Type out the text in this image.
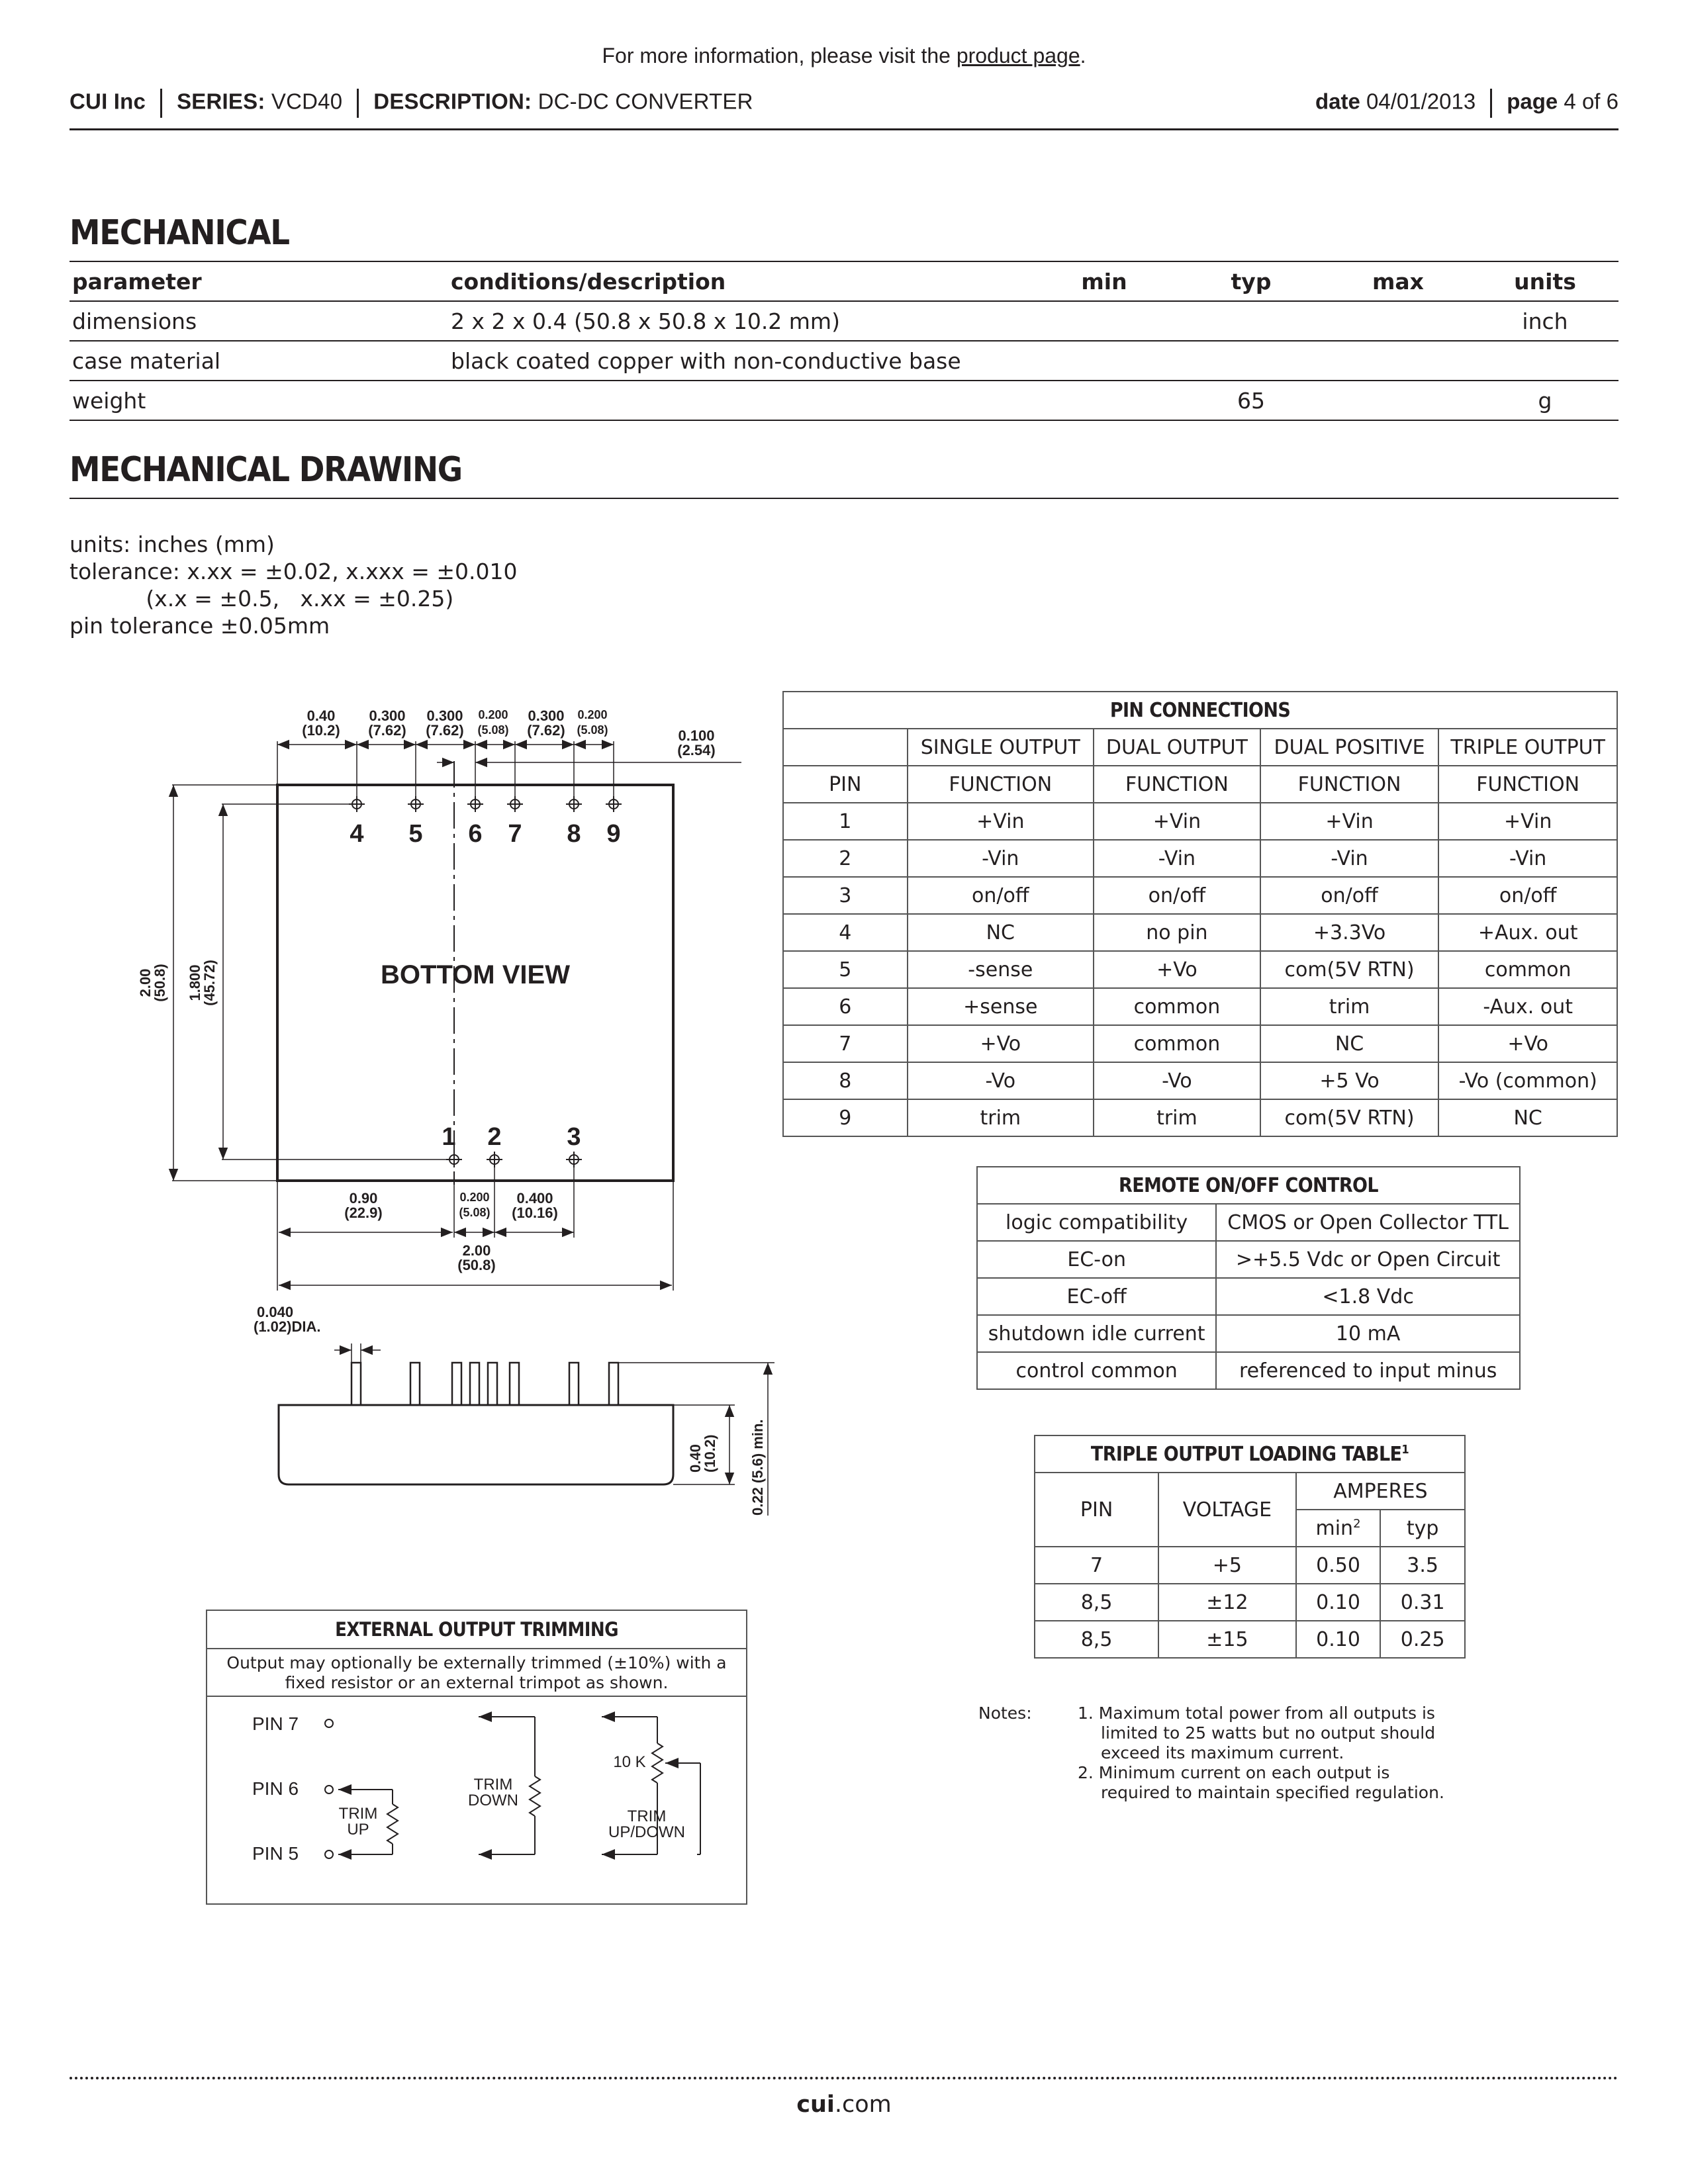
For more information, please visit the product page.
CUI Inc SERIES: VCD40 DESCRIPTION: DC-DC CONVERTER	date 04/01/2013 page 4 of 6
MECHANICAL
parameter	conditions/description	min	typ	max	units
dimensions	2 x 2 x 0.4 (50.8 x 50.8 x 10.2 mm)				inch
case material	black coated copper with non-conductive base				
weight			65		g
MECHANICAL DRAWING
units: inches (mm)
tolerance: x.xx = ±0.02, x.xxx = ±0.010
(x.x = ±0.5,   x.xx = ±0.25)
pin tolerance ±0.05mm
0.40
(10.2)
0.300
(7.62)
0.300
(7.62)
0.200
(5.08)
0.300
(7.62)
0.200
(5.08)	0.100
(2.54)
4 5 6 7 8 9
1 2	3
BOTTOM VIEW
0.90
(22.9)
0.200
(5.08)
0.400
(10.16)
2.00
(50.8)
2.00
(50.8) 1.800
(45.72)
0.040
(1.02)DIA.
0.40
(10.2) 0.22 (5.6) min.
PIN CONNECTIONS				
	SINGLE OUTPUT	DUAL OUTPUT	DUAL POSITIVE	TRIPLE OUTPUT
PIN	FUNCTION	FUNCTION	FUNCTION	FUNCTION
1	+Vin	+Vin	+Vin	+Vin
2	-Vin	-Vin	-Vin	-Vin
3	on/off	on/off	on/off	on/off
4	NC	no pin	+3.3Vo	+Aux. out
5	-sense	+Vo	com(5V RTN)	common
6	+sense	common	trim	-Aux. out
7	+Vo	common	NC	+Vo
8	-Vo	-Vo	+5 Vo	-Vo (common)
9	trim	trim	com(5V RTN)	NC
REMOTE ON/OFF CONTROL	
logic compatibility	CMOS or Open Collector TTL
EC-on	>+5.5 Vdc or Open Circuit
EC-off	<1.8 Vdc
shutdown idle current	10 mA
control common	referenced to input minus
TRIPLE OUTPUT LOADING TABLE$^1$
PIN	VOLTAGE	AMPERES	
		$\min^2$	typ
7	+5	0.50	3.5
8,5	±12	0.10	0.31
8,5	±15	0.10	0.25
Notes:	1. Maximum total power from all outputs is
limited to 25 watts but no output should
exceed its maximum current.
2. Minimum current on each output is
required to maintain specified regulation.
EXTERNAL OUTPUT TRIMMING
Output may optionally be externally trimmed (±10%) with a
fixed resistor or an external trimpot as shown.
PIN 7
PIN 6
PIN 5
TRIM
UP
TRIM
DOWN
10 K
TRIM
UP/DOWN
cui.com
